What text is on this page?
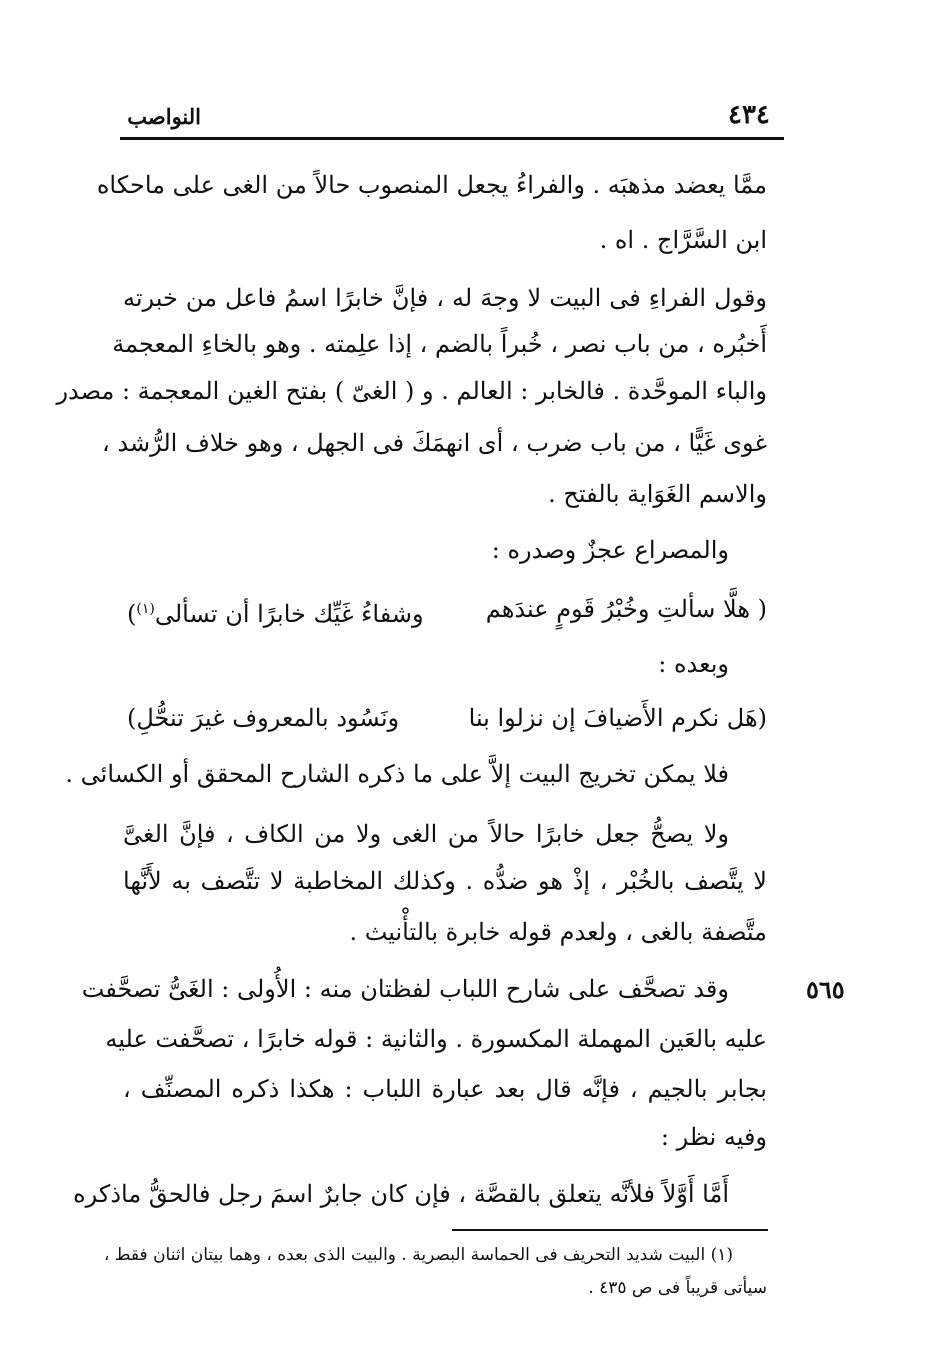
النواصب	٤٣٤
ممَّا يعضد مذهبَه . والفراءُ يجعل المنصوب حالاً من الغى على ماحكاه
ابن السَّرَّاج . اه .
وقول الفراءِ فى البيت لا وجهَ له ، فإنَّ خابرًا اسمُ فاعل من خبرته
أَخبُره ، من باب نصر ، خُبراً بالضم ، إذا علِمته . وهو بالخاءِ المعجمة
والباء الموحَّدة . فالخابر : العالم . و ( الغىّ ) بفتح الغين المعجمة : مصدر
غوى غَيًّا ، من باب ضرب ، أى انهمَكَ فى الجهل ، وهو خلاف الرُّشد ،
والاسم الغَوَاية بالفتح .
والمصراع عجزٌ وصدره :
( هلَّا سألتِ وخُبْرُ قَومٍ عندَهم
وشفاءُ غَيِّك خابرًا أن تسألى$^{(١)}$)
وبعده :
(هَل نكرم الأَضيافَ إن نزلوا بنا
ونَسُود بالمعروف غيرَ تنحُّلِ)
فلا يمكن تخريج البيت إلاَّ على ما ذكره الشارح المحقق أو الكسائى .
ولا يصحُّ جعل خابرًا حالاً من الغى ولا من الكاف ، فإنَّ الغىَّ
لا يتَّصف بالخُبْر ، إذْ هو ضدُّه . وكذلك المخاطبة لا تتَّصف به لأَنَّها
متَّصفة بالغى ، ولعدم قوله خابرة بالتأْنيث .
٥٦٥
وقد تصحَّف على شارح اللباب لفظتان منه : الأُولى : الغَىُّ تصحَّفت
عليه بالعَين المهملة المكسورة . والثانية : قوله خابرًا ، تصحَّفت عليه
بجابر بالجيم ، فإنَّه قال بعد عبارة اللباب : هكذا ذكره المصنِّف ،
وفيه نظر :
أَمَّا أَوَّلاً فلأنَّه يتعلق بالقصَّة ، فإن كان جابرٌ اسمَ رجل فالحقُّ ماذكره
(١) البيت شديد التحريف فى الحماسة البصرية . والبيت الذى بعده ، وهما بيتان اثنان فقط ،
سيأتى قريباً فى ص ٤٣٥ .
